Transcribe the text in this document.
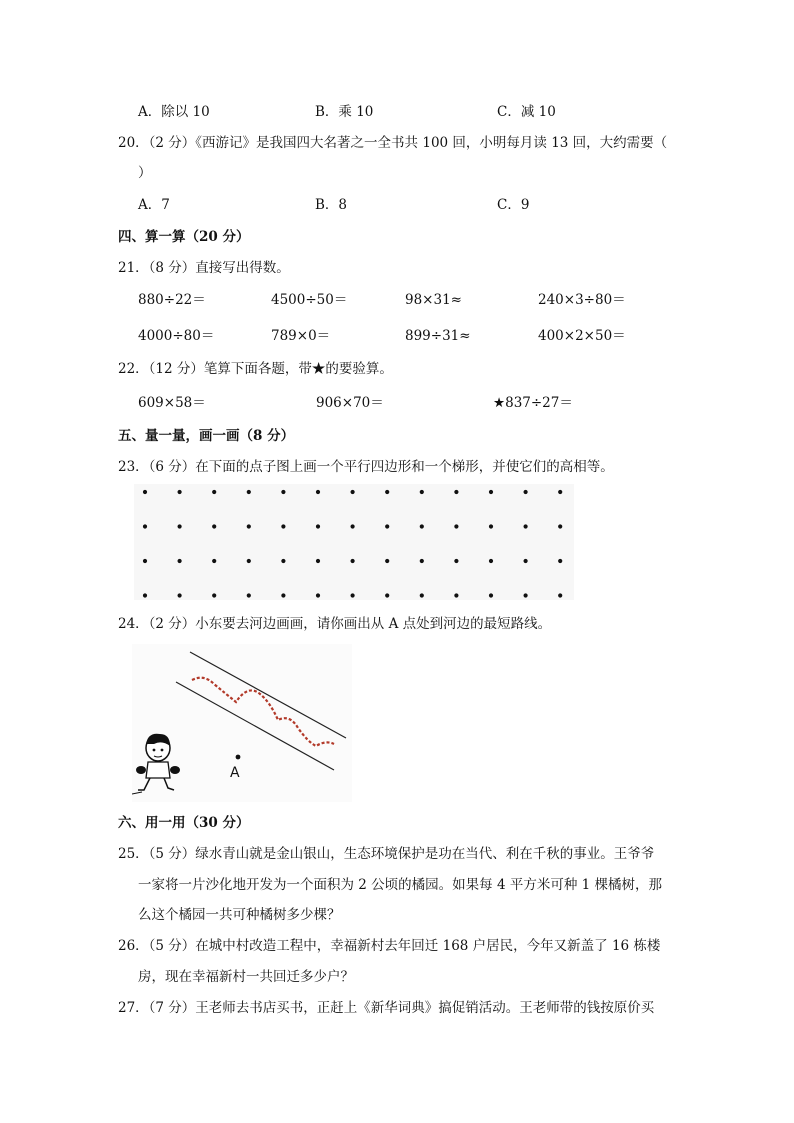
A．除以 10	B．乘 10	C．减 10
20．（2 分）《西游记》是我国四大名著之一全书共 100 回，小明每月读 13 回，大约需要（
）
A．7	B．8	C．9
四、算一算（20 分）
21．（8 分）直接写出得数。
880÷22＝	4500÷50＝	98×31≈	240×3÷80＝
4000÷80＝	789×0＝	899÷31≈	400×2×50＝
22．（12 分）笔算下面各题，带★的要验算。
609×58＝	906×70＝	★837÷27＝
五、量一量，画一画（8 分）
23．（6 分）在下面的点子图上画一个平行四边形和一个梯形，并使它们的高相等。
24．（2 分）小东要去河边画画，请你画出从 A 点处到河边的最短路线。
A
六、用一用（30 分）
25．（5 分）绿水青山就是金山银山，生态环境保护是功在当代、利在千秋的事业。王爷爷
一家将一片沙化地开发为一个面积为 2 公顷的橘园。如果每 4 平方米可种 1 棵橘树，那
么这个橘园一共可种橘树多少棵？
26．（5 分）在城中村改造工程中，幸福新村去年回迁 168 户居民，今年又新盖了 16 栋楼
房，现在幸福新村一共回迁多少户？
27．（7 分）王老师去书店买书，正赶上《新华词典》搞促销活动。王老师带的钱按原价买
